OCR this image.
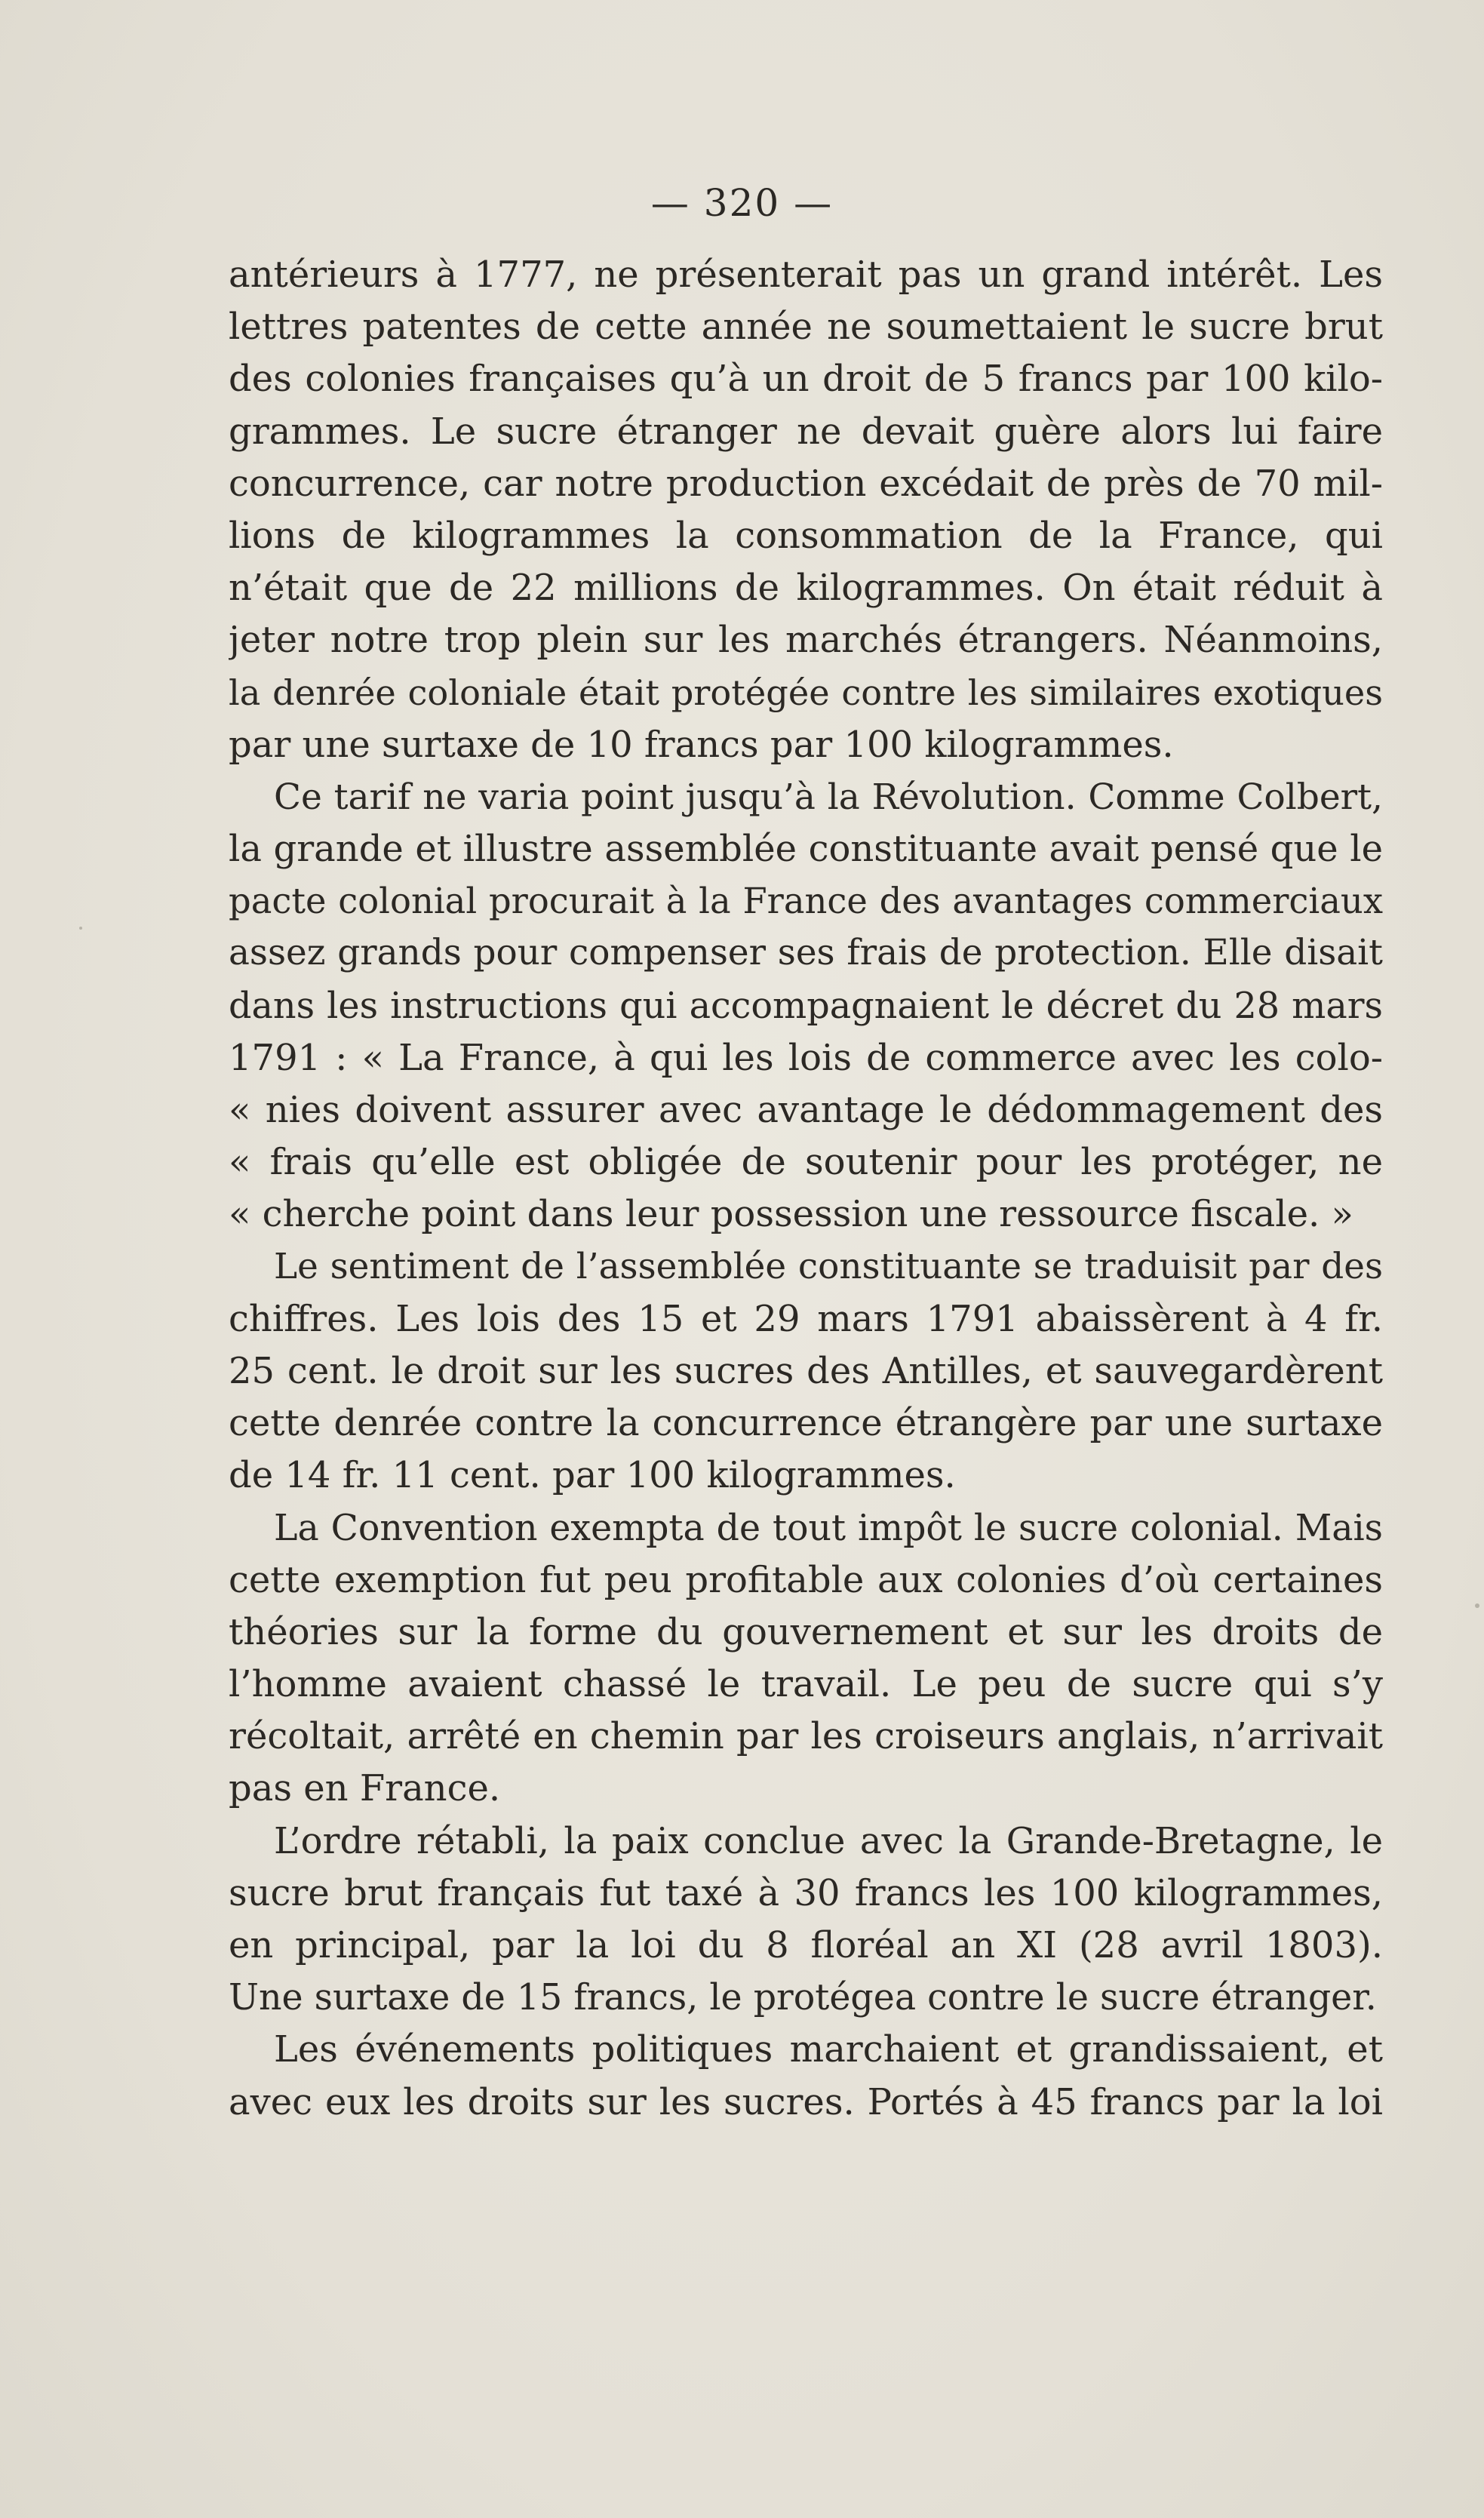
— 320 —
antérieurs à 1777, ne présenterait pas un grand intérêt. Les
lettres patentes de cette année ne soumettaient le sucre brut
des colonies françaises qu’à un droit de 5 francs par 100 kilo-
grammes. Le sucre étranger ne devait guère alors lui faire
concurrence, car notre production excédait de près de 70 mil-
lions de kilogrammes la consommation de la France, qui
n’était que de 22 millions de kilogrammes. On était réduit à
jeter notre trop plein sur les marchés étrangers. Néanmoins,
la denrée coloniale était protégée contre les similaires exotiques
par une surtaxe de 10 francs par 100 kilogrammes.
Ce tarif ne varia point jusqu’à la Révolution. Comme Colbert,
la grande et illustre assemblée constituante avait pensé que le
pacte colonial procurait à la France des avantages commerciaux
assez grands pour compenser ses frais de protection. Elle disait
dans les instructions qui accompagnaient le décret du 28 mars
1791 : « La France, à qui les lois de commerce avec les colo-
« nies doivent assurer avec avantage le dédommagement des
« frais qu’elle est obligée de soutenir pour les protéger, ne
« cherche point dans leur possession une ressource fiscale. »
Le sentiment de l’assemblée constituante se traduisit par des
chiffres. Les lois des 15 et 29 mars 1791 abaissèrent à 4 fr.
25 cent. le droit sur les sucres des Antilles, et sauvegardèrent
cette denrée contre la concurrence étrangère par une surtaxe
de 14 fr. 11 cent. par 100 kilogrammes.
La Convention exempta de tout impôt le sucre colonial. Mais
cette exemption fut peu profitable aux colonies d’où certaines
théories sur la forme du gouvernement et sur les droits de
l’homme avaient chassé le travail. Le peu de sucre qui s’y
récoltait, arrêté en chemin par les croiseurs anglais, n’arrivait
pas en France.
L’ordre rétabli, la paix conclue avec la Grande-Bretagne, le
sucre brut français fut taxé à 30 francs les 100 kilogrammes,
en principal, par la loi du 8 floréal an XI (28 avril 1803).
Une surtaxe de 15 francs, le protégea contre le sucre étranger.
Les événements politiques marchaient et grandissaient, et
avec eux les droits sur les sucres. Portés à 45 francs par la loi
